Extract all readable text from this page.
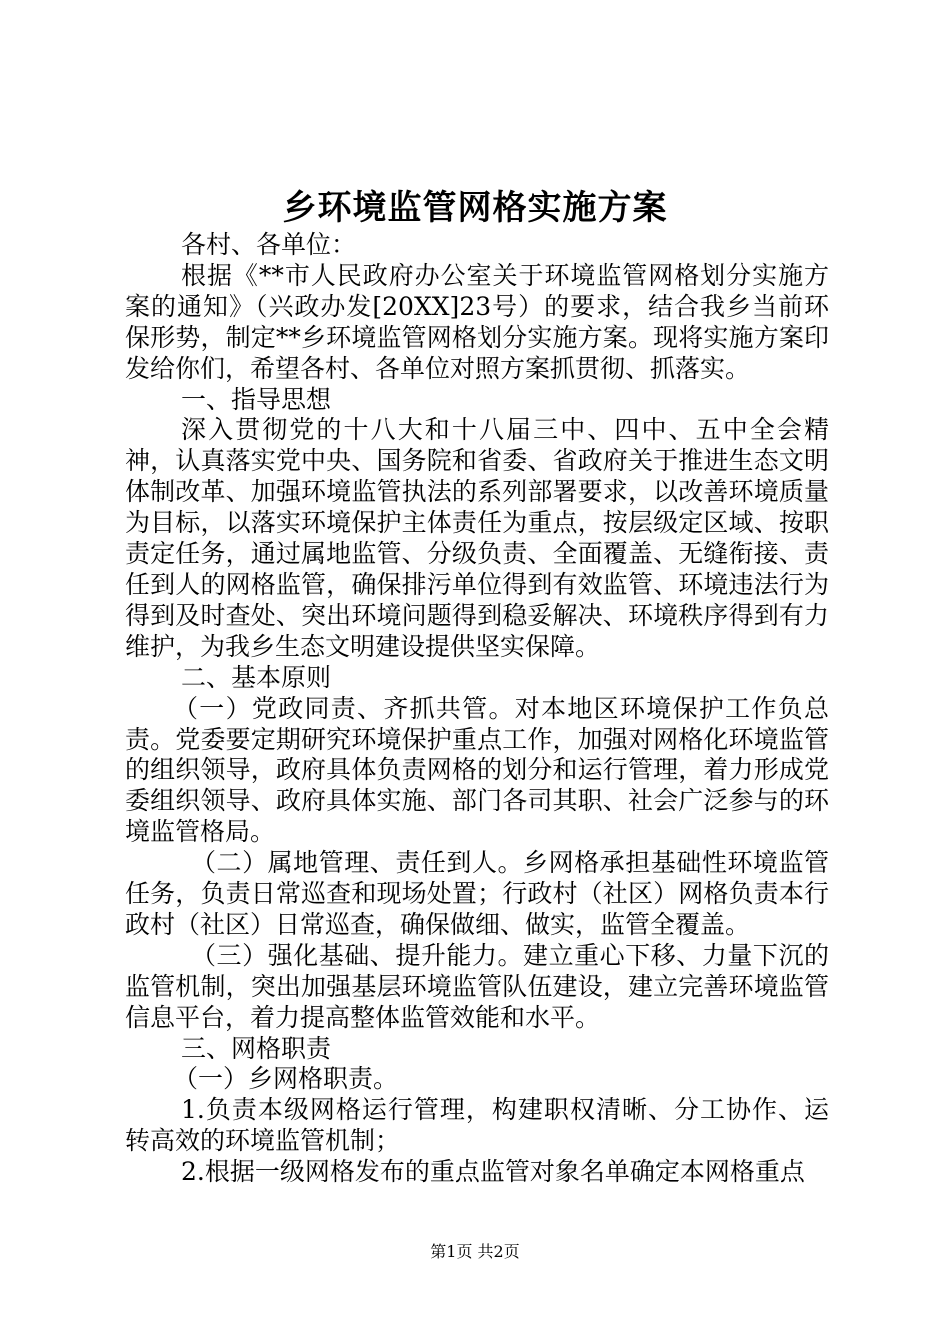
乡环境监管网格实施方案

各村、各单位：

根据《**市人民政府办公室关于环境监管网格划分实施方案的通知》（兴政办发[20XX]23号）的要求，结合我乡当前环保形势，制定**乡环境监管网格划分实施方案。现将实施方案印发给你们，希望各村、各单位对照方案抓贯彻、抓落实。

一、指导思想

深入贯彻党的十八大和十八届三中、四中、五中全会精神，认真落实党中央、国务院和省委、省政府关于推进生态文明体制改革、加强环境监管执法的系列部署要求，以改善环境质量为目标，以落实环境保护主体责任为重点，按层级定区域、按职责定任务，通过属地监管、分级负责、全面覆盖、无缝衔接、责任到人的网格监管，确保排污单位得到有效监管、环境违法行为得到及时查处、突出环境问题得到稳妥解决、环境秩序得到有力维护，为我乡生态文明建设提供坚实保障。

二、基本原则

（一）党政同责、齐抓共管。对本地区环境保护工作负总责。党委要定期研究环境保护重点工作，加强对网格化环境监管的组织领导，政府具体负责网格的划分和运行管理，着力形成党委组织领导、政府具体实施、部门各司其职、社会广泛参与的环境监管格局。

（二）属地管理、责任到人。乡网格承担基础性环境监管任务，负责日常巡查和现场处置；行政村（社区）网格负责本行政村（社区）日常巡查，确保做细、做实，监管全覆盖。

（三）强化基础、提升能力。建立重心下移、力量下沉的监管机制，突出加强基层环境监管队伍建设，建立完善环境监管信息平台，着力提高整体监管效能和水平。

三、网格职责

（一）乡网格职责。

1.负责本级网格运行管理，构建职权清晰、分工协作、运转高效的环境监管机制；

2.根据一级网格发布的重点监管对象名单确定本网格重点

第1页 共2页
